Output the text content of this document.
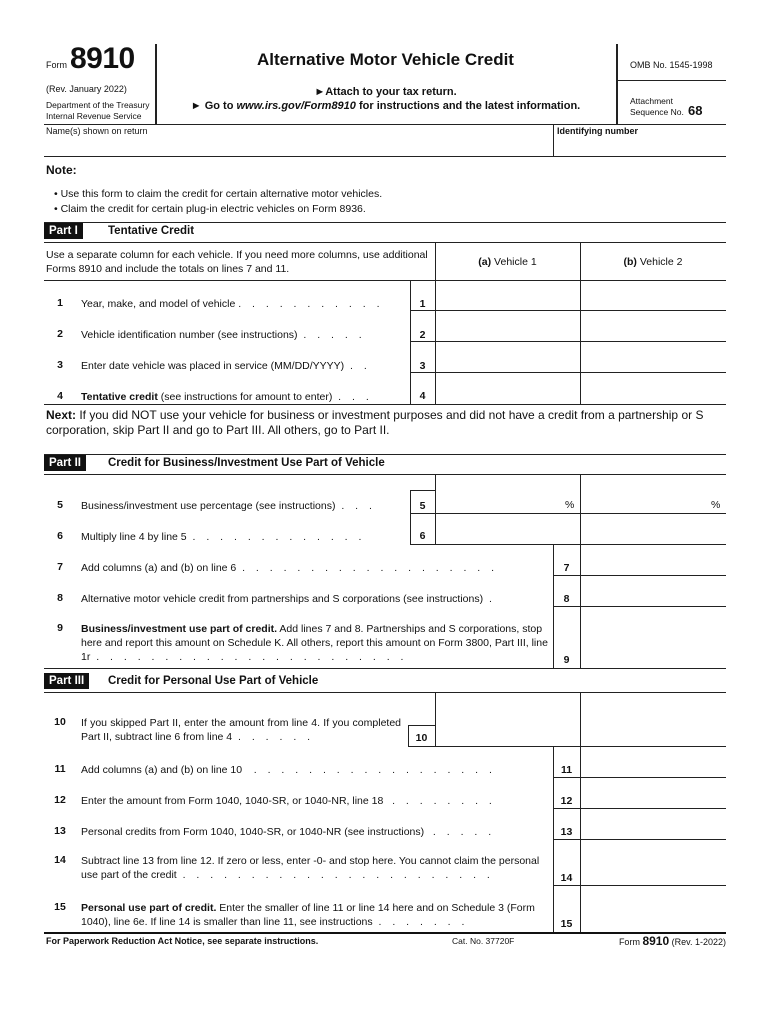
Form 8910
(Rev. January 2022)
Department of the Treasury
Internal Revenue Service
Alternative Motor Vehicle Credit
►Attach to your tax return.
► Go to www.irs.gov/Form8910 for instructions and the latest information.
OMB No. 1545-1998
Attachment
Sequence No. 68
Name(s) shown on return	Identifying number
Note:
• Use this form to claim the credit for certain alternative motor vehicles.
• Claim the credit for certain plug-in electric vehicles on Form 8936.
Part I	Tentative Credit
Use a separate column for each vehicle. If you need more columns, use additional Forms 8910 and include the totals on lines 7 and 11.
(a) Vehicle 1	(b) Vehicle 2
1	Year, make, and model of vehicle . . . . . . . . . . .	1
2	Vehicle identification number (see instructions) . . . . .	2
3	Enter date vehicle was placed in service (MM/DD/YYYY) . .	3
4	Tentative credit (see instructions for amount to enter) . . .	4
Next: If you did NOT use your vehicle for business or investment purposes and did not have a credit from a partnership or S corporation, skip Part II and go to Part III. All others, go to Part II.
Part II	Credit for Business/Investment Use Part of Vehicle
5	Business/investment use percentage (see instructions) . . .	5	%	%
6	Multiply line 4 by line 5 . . . . . . . . . . . . .	6
7	Add columns (a) and (b) on line 6 . . . . . . . . . . . . . . . . . . .	7
8	Alternative motor vehicle credit from partnerships and S corporations (see instructions) .	8
9	Business/investment use part of credit. Add lines 7 and 8. Partnerships and S corporations, stop here and report this amount on Schedule K. All others, report this amount on Form 3800, Part III, line 1r . . . . . . . . . . . . . . . . . . . . . . .	9
Part III	Credit for Personal Use Part of Vehicle
10	If you skipped Part II, enter the amount from line 4. If you completed Part II, subtract line 6 from line 4 . . . . . .	10
11	Add columns (a) and (b) on line 10 . . . . . . . . . . . . . . . . . .	11
12	Enter the amount from Form 1040, 1040-SR, or 1040-NR, line 18 . . . . . . . .	12
13	Personal credits from Form 1040, 1040-SR, or 1040-NR (see instructions) . . . . .	13
14	Subtract line 13 from line 12. If zero or less, enter -0- and stop here. You cannot claim the personal use part of the credit . . . . . . . . . . . . . . . . . . . . . . .	14
15	Personal use part of credit. Enter the smaller of line 11 or line 14 here and on Schedule 3 (Form 1040), line 6e. If line 14 is smaller than line 11, see instructions . . . . . . .	15
For Paperwork Reduction Act Notice, see separate instructions.	Cat. No. 37720F	Form 8910 (Rev. 1-2022)
